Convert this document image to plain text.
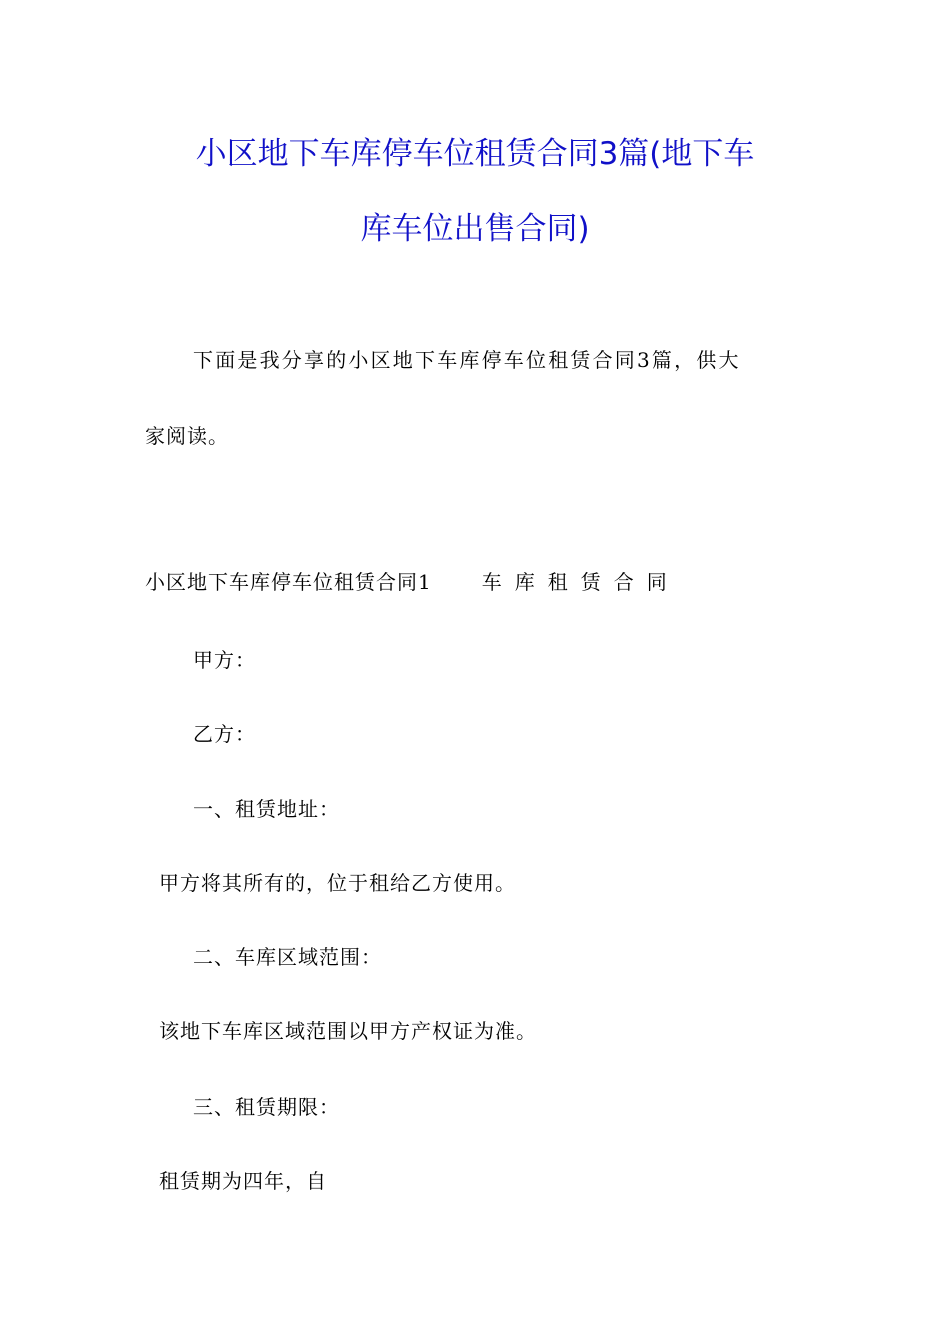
小区地下车库停车位租赁合同3篇(地下车
库车位出售合同)
下面是我分享的小区地下车库停车位租赁合同3篇，供大
家阅读。
小区地下车库停车位租赁合同1	车库租赁合同
甲方：
乙方：
一、租赁地址：
甲方将其所有的，位于租给乙方使用。
二、车库区域范围：
该地下车库区域范围以甲方产权证为准。
三、租赁期限：
租赁期为四年，自
